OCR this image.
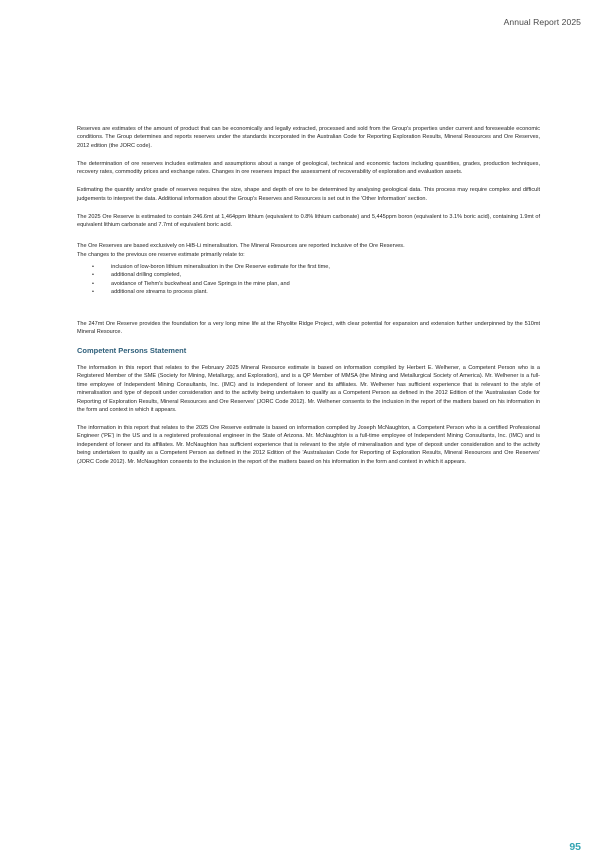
Annual Report 2025

Reserves are estimates of the amount of product that can be economically and legally extracted, processed and sold from the Group's properties under current and foreseeable economic conditions. The Group determines and reports reserves under the standards incorporated in the Australian Code for Reporting Exploration Results, Mineral Resources and Ore Reserves, 2012 edition (the JORC code).

The determination of ore reserves includes estimates and assumptions about a range of geological, technical and economic factors including quantities, grades, production techniques, recovery rates, commodity prices and exchange rates. Changes in ore reserves impact the assessment of recoverability of exploration and evaluation assets.

Estimating the quantity and/or grade of reserves requires the size, shape and depth of ore to be determined by analysing geological data. This process may require complex and difficult judgements to interpret the data. Additional information about the Group's Reserves and Resources is set out in the 'Other Information' section.

The 2025 Ore Reserve is estimated to contain 246.6mt at 1,464ppm lithium (equivalent to 0.8% lithium carbonate) and 5,445ppm boron (equivalent to 3.1% boric acid), containing 1.9mt of equivalent lithium carbonate and 7.7mt of equivalent boric acid.

The Ore Reserves are based exclusively on HiB-Li mineralisation. The Mineral Resources are reported inclusive of the Ore Reserves.

The changes to the previous ore reserve estimate primarily relate to:

•	inclusion of low-boron lithium mineralisation in the Ore Reserve estimate for the first time,
•	additional drilling completed,
•	avoidance of Tiehm's buckwheat and Cave Springs in the mine plan, and
•	additional ore streams to process plant.

The 247mt Ore Reserve provides the foundation for a very long mine life at the Rhyolite Ridge Project, with clear potential for expansion and extension further underpinned by the 510mt Mineral Resource.

Competent Persons Statement

The information in this report that relates to the February 2025 Mineral Resource estimate is based on information compiled by Herbert E. Welhener, a Competent Person who is a Registered Member of the SME (Society for Mining, Metallurgy, and Exploration), and is a QP Member of MMSA (the Mining and Metallurgical Society of America). Mr. Welhener is a full-time employee of Independent Mining Consultants, Inc. (IMC) and is independent of Ioneer and its affiliates. Mr. Welhener has sufficient experience that is relevant to the style of mineralisation and type of deposit under consideration and to the activity being undertaken to qualify as a Competent Person as defined in the 2012 Edition of the 'Australasian Code for Reporting of Exploration Results, Mineral Resources and Ore Reserves' (JORC Code 2012). Mr. Welhener consents to the inclusion in the report of the matters based on his information in the form and context in which it appears.

The information in this report that relates to the 2025 Ore Reserve estimate is based on information compiled by Joseph McNaughton, a Competent Person who is a certified Professional Engineer ('PE') in the US and is a registered professional engineer in the State of Arizona. Mr. McNaughton is a full-time employee of Independent Mining Consultants, Inc. (IMC) and is independent of Ioneer and its affiliates. Mr. McNaughton has sufficient experience that is relevant to the style of mineralisation and type of deposit under consideration and to the activity being undertaken to qualify as a Competent Person as defined in the 2012 Edition of the 'Australasian Code for Reporting of Exploration Results, Mineral Resources and Ore Reserves' (JORC Code 2012). Mr. McNaughton consents to the inclusion in the report of the matters based on his information in the form and context in which it appears.

95
